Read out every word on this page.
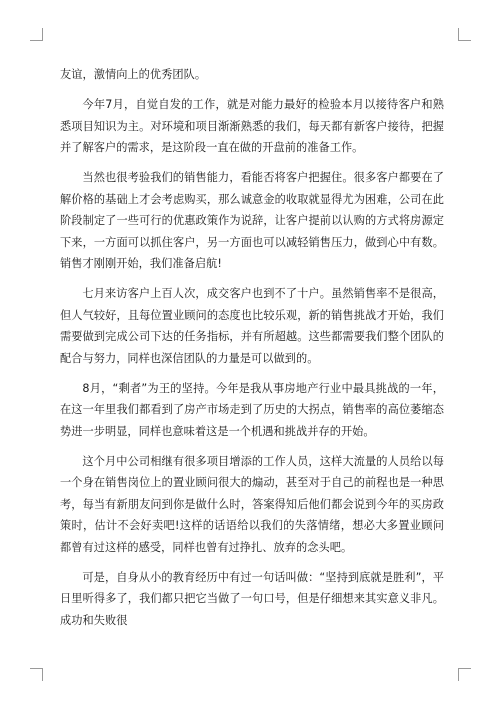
友谊，激情向上的优秀团队。

今年7月，自觉自发的工作，就是对能力最好的检验本月以接待客户和熟悉项目知识为主。对环境和项目渐渐熟悉的我们，每天都有新客户接待，把握并了解客户的需求，是这阶段一直在做的开盘前的准备工作。

当然也很考验我们的销售能力，看能否将客户把握住。很多客户都要在了解价格的基础上才会考虑购买，那么诚意金的收取就显得尤为困难，公司在此阶段制定了一些可行的优惠政策作为说辞，让客户提前以认购的方式将房源定下来，一方面可以抓住客户，另一方面也可以减轻销售压力，做到心中有数。销售才刚刚开始，我们准备启航!

七月来访客户上百人次，成交客户也到不了十户。虽然销售率不是很高，但人气较好，且每位置业顾问的态度也比较乐观，新的销售挑战才开始，我们需要做到完成公司下达的任务指标，并有所超越。这些都需要我们整个团队的配合与努力，同样也深信团队的力量是可以做到的。

8月，“剩者”为王的坚持。今年是我从事房地产行业中最具挑战的一年，在这一年里我们都看到了房产市场走到了历史的大拐点，销售率的高位萎缩态势进一步明显，同样也意味着这是一个机遇和挑战并存的开始。

这个月中公司相继有很多项目增添的工作人员，这样大流量的人员给以每一个身在销售岗位上的置业顾问很大的煽动，甚至对于自己的前程也是一种思考，每当有新朋友问到你是做什么时，答案得知后他们都会说到今年的买房政策时，估计不会好卖吧!这样的话语给以我们的失落情绪，想必大多置业顾问都曾有过这样的感受，同样也曾有过挣扎、放弃的念头吧。

可是，自身从小的教育经历中有过一句话叫做：“坚持到底就是胜利”，平日里听得多了，我们都只把它当做了一句口号，但是仔细想来其实意义非凡。成功和失败很
